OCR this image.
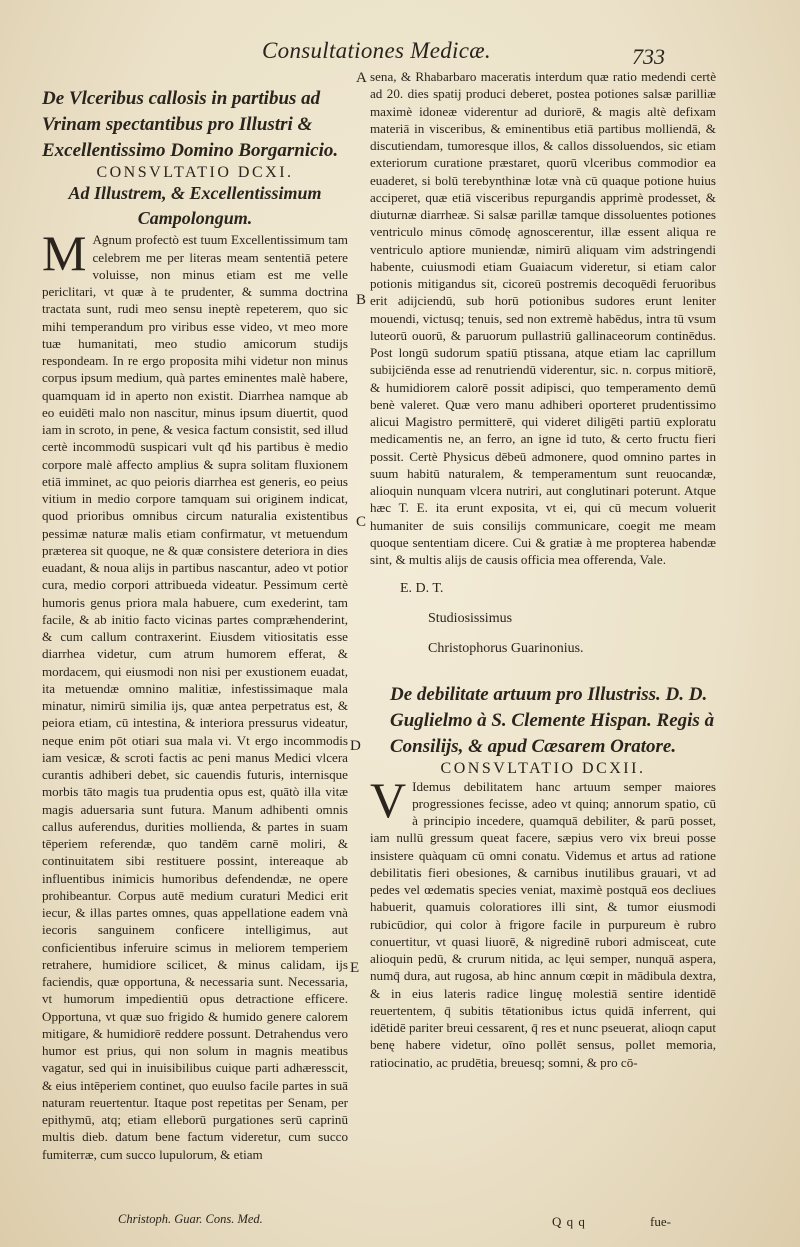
Consultationes Medicæ.	733
A
B
C
D
E

De Vlceribus callosis in partibus ad Vrinam spectantibus pro Illustri & Excellentissimo Domino Borgarnicio.

CONSVLTATIO DCXI.

Ad Illustrem, & Excellentissimum Campolongum.

M Agnum profectò est tuum Excellentissimum tam celebrem me per literas meam sententiā petere voluisse, non minus etiam est me velle periclitari, vt quæ à te prudenter, & summa doctrina tractata sunt, rudi meo sensu ineptè repeterem, quo sic mihi temperandum pro viribus esse video, vt meo more tuæ humanitati, meo studio amicorum studijs respondeam. In re ergo proposita mihi videtur non minus corpus ipsum medium, quà partes eminentes malè habere, quamquam id in aperto non existit. Diarrhea namque ab eo euidēti malo non nascitur, minus ipsum diuertit, quod iam in scroto, in pene, & vesica factum consistit, sed illud certè incommodū suspicari vult qđ his partibus è medio corpore malè affecto amplius & supra solitam fluxionem etiā imminet, ac quo peioris diarrhea est generis, eo peius vitium in medio corpore tamquam sui originem indicat, quod prioribus omnibus circum naturalia existentibus pessimæ naturæ malis etiam confirmatur, vt metuendum præterea sit quoque, ne & quæ consistere deteriora in dies euadant, & noua alijs in partibus nascantur, adeo vt potior cura, medio corpori attribueda videatur. Pessimum certè humoris genus priora mala habuere, cum exederint, tam facile, & ab initio facto vicinas partes compræhenderint, & cum callum contraxerint. Eiusdem vitiositatis esse diarrhea videtur, cum atrum humorem efferat, & mordacem, qui eiusmodi non nisi per exustionem euadat, ita metuendæ omnino malitiæ, infestissimaque mala minatur, nimirū similia ijs, quæ antea perpetratus est, & peiora etiam, cū intestina, & interiora pressurus videatur, neque enim pōt otiari sua mala vi. Vt ergo incommodis iam vesicæ, & scroti factis ac peni manus Medici vlcera curantis adhiberi debet, sic cauendis futuris, internisque morbis tāto magis tua prudentia opus est, quātò illa vitæ magis aduersaria sunt futura. Manum adhibenti omnis callus auferendus, durities mollienda, & partes in suam tēperiem referendæ, quo tandēm carnē moliri, & continuitatem sibi restituere possint, intereaque ab influentibus inimicis humoribus defendendæ, ne opere prohibeantur. Corpus autē medium curaturi Medici erit iecur, & illas partes omnes, quas appellatione eadem vnà iecoris sanguinem conficere intelligimus, aut conficientibus inferuire scimus in meliorem temperiem retrahere, humidiore scilicet, & minus calidam, ijs faciendis, quæ opportuna, & necessaria sunt. Necessaria, vt humorum impedientiū opus detractione efficere. Opportuna, vt quæ suo frigido & humido genere calorem mitigare, & humidiorē reddere possunt. Detrahendus vero humor est prius, qui non solum in magnis meatibus vagatur, sed qui in inuisibilibus cuique parti adhæresscit, & eius intēperiem continet, quo euulso facile partes in suā naturam reuertentur. Itaque post repetitas per Senam, per epithymū, atq; etiam elleborū purgationes serū caprinū multis dieb. datum bene factum videretur, cum succo fumiterræ, cum succo lupulorum, & etiam

Christoph. Guar. Cons. Med.

sena, & Rhabarbaro maceratis interdum quæ ratio medendi certè ad 20. dies spatij produci deberet, postea potiones salsæ parilliæ maximè idoneæ viderentur ad duriorē, & magis altè defixam materiā in visceribus, & eminentibus etiā partibus molliendā, & discutiendam, tumoresque illos, & callos dissoluendos, sic etiam exteriorum curatione præstaret, quorū vlceribus commodior ea euaderet, si bolū terebynthinæ lotæ vnà cū quaque potione huius acciperet, quæ etiā visceribus repurgandis apprimè prodesset, & diuturnæ diarrheæ. Si salsæ parillæ tamque dissoluentes potiones ventriculo minus cōmodę agnoscerentur, illæ essent aliqua re ventriculo aptiore muniendæ, nimirū aliquam vim adstringendi habente, cuiusmodi etiam Guaiacum videretur, si etiam calor potionis mitigandus sit, cicoreū postremis decoquēdi feruoribus erit adijciendū, sub horū potionibus sudores erunt leniter mouendi, victusq; tenuis, sed non extremè habēdus, intra tū vsum luteorū ouorū, & paruorum pullastriū gallinaceorum continēdus. Post longū sudorum spatiū ptissana, atque etiam lac caprillum subijciēnda esse ad renutriendū viderentur, sic. n. corpus mitiorē, & humidiorem calorē possit adipisci, quo temperamento demū benè valeret. Quæ vero manu adhiberi oporteret prudentissimo alicui Magistro permitterē, qui videret diligēti partiū exploratu medicamentis ne, an ferro, an igne id tuto, & certo fructu fieri possit. Certè Physicus dēbeū admonere, quod omnino partes in suum habitū naturalem, & temperamentum sunt reuocandæ, alioquin nunquam vlcera nutriri, aut conglutinari poterunt. Atque hæc T. E. ita erunt exposita, vt ei, qui cū mecum voluerit humaniter de suis consilijs communicare, coegit me meam quoque sententiam dicere. Cui & gratiæ à me propterea habendæ sint, & multis alijs de causis officia mea offerenda, Vale.

E. D. T.

Studiosissimus

Christophorus Guarinonius.

De debilitate artuum pro Illustriss. D. D. Guglielmo à S. Clemente Hispan. Regis à Consilijs, & apud Cæsarem Oratore.

CONSVLTATIO DCXII.

V Idemus debilitatem hanc artuum semper maiores progressiones fecisse, adeo vt quinq; annorum spatio, cū à principio incedere, quamquā debiliter, & parū posset, iam nullū gressum queat facere, sæpius vero vix breui posse insistere quàquam cū omni conatu. Videmus et artus ad ratione debilitatis fieri obesiones, & carnibus inutilibus grauari, vt ad pedes vel œdematis species veniat, maximè postquā eos decliues habuerit, quamuis coloratiores illi sint, & tumor eiusmodi rubicūdior, qui color à frigore facile in purpureum è rubro conuertitur, vt quasi liuorē, & nigredinē rubori admisceat, cute alioquin pedū, & crurum nitida, ac lęui semper, nunquā aspera, numq̄ dura, aut rugosa, ab hinc annum cœpit in mādibula dextra, & in eius lateris radice linguę molestiā sentire identidē reuertentem, q̄ subitis tētationibus ictus quidā inferrent, qui idētidē pariter breui cessarent, q̄ res et nunc pseuerat, alioqn caput benę habere videtur, oīno pollēt sensus, pollet memoria, ratiocinatio, ac prudētia, breuesq; somni, & pro cō-

Q q q	fue-
